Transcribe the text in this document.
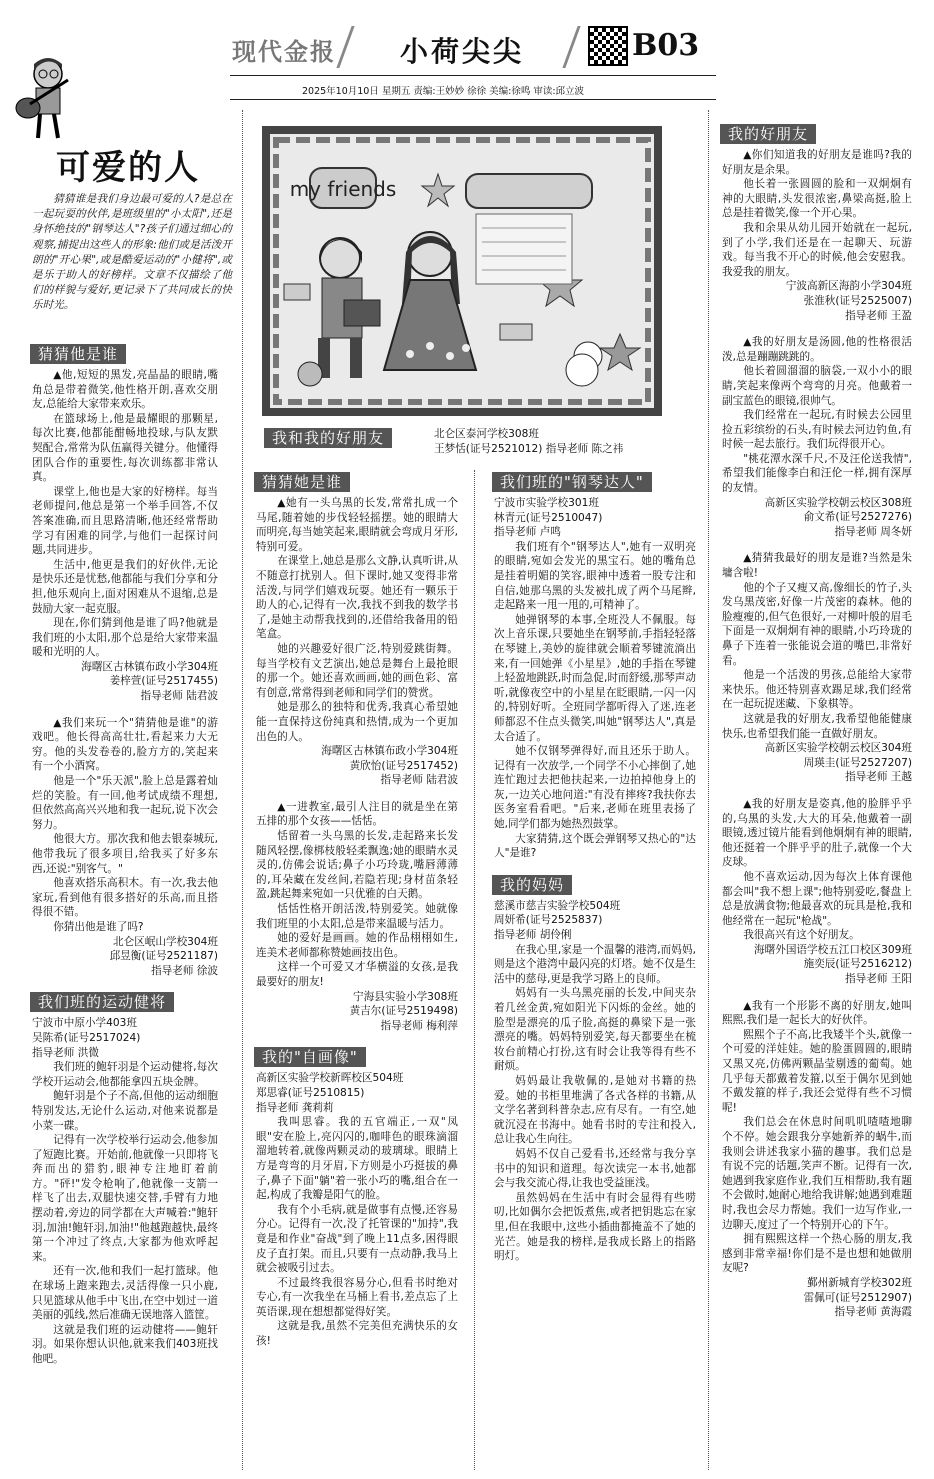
现代金报 小荷尖尖	B03
2025年10月10日 星期五 责编:王妙妙 徐徐 美编:徐鸣 审读:邱立波
可爱的人
猜猜谁是我们身边最可爱的人?是总在一起玩耍的伙伴,是班级里的"小太阳",还是身怀绝技的"钢琴达人"?孩子们通过细心的观察,捕捉出这些人的形象:他们或是活泼开朗的"开心果",或是酷爱运动的"小健将",或是乐于助人的好榜样。文章不仅描绘了他们的样貌与爱好,更记录下了共同成长的快乐时光。
猜猜他是谁

▲他,短短的黑发,亮晶晶的眼睛,嘴角总是带着微笑,他性格开朗,喜欢交朋友,总能给大家带来欢乐。

在篮球场上,他是最耀眼的那颗星,每次比赛,他都能酣畅地投球,与队友默契配合,常常为队伍赢得关键分。他懂得团队合作的重要性,每次训练都非常认真。

课堂上,他也是大家的好榜样。每当老师提问,他总是第一个举手回答,不仅答案准确,而且思路清晰,他还经常帮助学习有困难的同学,与他们一起探讨问题,共同进步。

生活中,他更是我们的好伙伴,无论是快乐还是忧愁,他都能与我们分享和分担,他乐观向上,面对困难从不退缩,总是鼓励大家一起克服。

现在,你们猜到他是谁了吗?他就是我们班的小太阳,那个总是给大家带来温暖和光明的人。

海曙区古林镇布政小学304班

姜梓萱(证号2517455)

指导老师 陆君波

▲我们来玩一个"猜猜他是谁"的游戏吧。他长得高高壮壮,看起来力大无穷。他的头发卷卷的,脸方方的,笑起来有一个小酒窝。

他是一个"乐天派",脸上总是露着灿烂的笑脸。有一回,他考试成绩不理想,但依然高高兴兴地和我一起玩,说下次会努力。

他很大方。那次我和他去银泰城玩,他带我玩了很多项目,给我买了好多东西,还说:"别客气。"

他喜欢搭乐高积木。有一次,我去他家玩,看到他有很多搭好的乐高,而且搭得很不错。

你猜出他是谁了吗?

北仑区岷山学校304班

邱昱衡(证号2521187)

指导老师 徐波

我们班的运动健将

宁波市中原小学403班

吴陈希(证号2517024)

指导老师 洪微

我们班的鲍轩羽是个运动健将,每次学校开运动会,他都能拿四五块金牌。

鲍轩羽是个子不高,但他的运动细胞特别发达,无论什么运动,对他来说都是小菜一碟。

记得有一次学校举行运动会,他参加了短跑比赛。开始前,他就像一只即将飞奔而出的猎豹,眼神专注地盯着前方。"砰!"发令枪响了,他就像一支箭一样飞了出去,双腿快速交替,手臂有力地摆动着,旁边的同学都在大声喊着:"鲍轩羽,加油!鲍轩羽,加油!"他越跑越快,最终第一个冲过了终点,大家都为他欢呼起来。

还有一次,他和我们一起打篮球。他在球场上跑来跑去,灵活得像一只小鹿,只见篮球从他手中飞出,在空中划过一道美丽的弧线,然后准确无误地落入篮筐。

这就是我们班的运动健将——鲍轩羽。如果你想认识他,就来我们403班找他吧。

my friends
我和我的好朋友	北仑区泰河学校308班
王梦恬(证号2521012) 指导老师 陈之祎
猜猜她是谁

▲她有一头乌黑的长发,常常扎成一个马尾,随着她的步伐轻轻摇摆。她的眼睛大而明亮,每当她笑起来,眼睛就会弯成月牙形,特别可爱。

在课堂上,她总是那么文静,认真听讲,从不随意打扰别人。但下课时,她又变得非常活泼,与同学们嬉戏玩耍。她还有一颗乐于助人的心,记得有一次,我找不到我的数学书了,是她主动帮我找到的,还借给我备用的铅笔盒。

她的兴趣爱好很广泛,特别爱跳街舞。每当学校有文艺演出,她总是舞台上最抢眼的那一个。她还喜欢画画,她的画色彩、富有创意,常常得到老师和同学们的赞赏。

她是那么的独特和优秀,我真心希望她能一直保持这份纯真和热情,成为一个更加出色的人。

海曙区古林镇布政小学304班

黄欣怡(证号2517452)

指导老师 陆君波

▲一进教室,最引人注目的就是坐在第五排的那个女孩——恬恬。

恬留着一头乌黑的长发,走起路来长发随风轻摆,像梆枝般轻柔飘逸;她的眼睛水灵灵的,仿佛会说话;鼻子小巧玲珑,嘴唇薄薄的,耳朵藏在发丝间,若隐若现;身材苗条轻盈,跳起舞来宛如一只优雅的白天鹅。

恬恬性格开朗活泼,特别爱笑。她就像我们班里的小太阳,总是带来温暖与活力。

她的爱好是画画。她的作品栩栩如生,连美术老师都称赞她画技出色。

这样一个可爱又才华横溢的女孩,是我最要好的朋友!

宁海县实验小学308班

黄吉尔(证号2519498)

指导老师 梅利萍

我的"自画像"

高新区实验学校新晖校区504班

郑思睿(证号2510815)

指导老师 龚莉莉

我叫思睿。我的五官端正,一双"凤眼"安在脸上,亮闪闪的,咖啡色的眼珠滴溜溜地转着,就像两颗灵动的玻璃球。眼睛上方是弯弯的月牙眉,下方则是小巧挺拔的鼻子,鼻子下面"躺"着一张小巧的嘴,组合在一起,构成了我瓣是阳气的脸。

我有个小毛病,就是做事有点慢,还容易分心。记得有一次,没了托管课的"加持",我竟是和作业"奋战"到了晚上11点多,困得眼皮子直打架。而且,只要有一点动静,我马上就会被吸引过去。

不过最终我很容易分心,但看书时绝对专心,有一次我坐在马桶上看书,差点忘了上英语课,现在想想都觉得好笑。

这就是我,虽然不完美但充满快乐的女孩!

我们班的"钢琴达人"

宁波市实验学校301班

林青元(证号2510047)

指导老师 卢鸣

我们班有个"钢琴达人",她有一双明亮的眼睛,宛如会发光的黑宝石。她的嘴角总是挂着明媚的笑容,眼神中透着一股专注和自信,她那乌黑的头发被扎成了两个马尾辫,走起路来一甩一甩的,可精神了。

她弹钢琴的本事,全班没人不佩服。每次上音乐课,只要她坐在钢琴前,手指轻轻落在琴键上,美妙的旋律就会顺着琴键流淌出来,有一回她弹《小星星》,她的手指在琴键上轻盈地跳跃,时而急促,时而舒缓,那琴声动听,就像夜空中的小星星在眨眼睛,一闪一闪的,特别好听。全班同学都听得入了迷,连老师都忍不住点头微笑,叫她"钢琴达人",真是太合适了。

她不仅钢琴弹得好,而且还乐于助人。记得有一次放学,一个同学不小心摔倒了,她连忙跑过去把他扶起来,一边拍掉他身上的灰,一边关心地问道:"有没有摔疼?我扶你去医务室看看吧。"后来,老师在班里表扬了她,同学们都为她热烈鼓掌。

大家猜猜,这个既会弹钢琴又热心的"达人"是谁?

我的妈妈

慈溪市慈吉实验学校504班

周妍希(证号2525837)

指导老师 胡伶俐

在我心里,家是一个温馨的港湾,而妈妈,则是这个港湾中最闪亮的灯塔。她不仅是生活中的慈母,更是我学习路上的良师。

妈妈有一头乌黑亮丽的长发,中间夹杂着几丝金黄,宛如阳光下闪烁的金丝。她的脸型是漂亮的瓜子脸,高挺的鼻梁下是一张漂亮的嘴。妈妈特别爱笑,每天都要坐在梳妆台前精心打扮,这有时会让我等得有些不耐烦。

妈妈最让我敬佩的,是她对书籍的热爱。她的书柜里堆满了各式各样的书籍,从文学名著到科普杂志,应有尽有。一有空,她就沉浸在书海中。她看书时的专注和投入,总让我心生向往。

妈妈不仅自己爱看书,还经常与我分享书中的知识和道理。每次读完一本书,她都会与我交流心得,让我也受益匪浅。

虽然妈妈在生活中有时会显得有些唠叨,比如偶尔会把饭煮焦,或者把钥匙忘在家里,但在我眼中,这些小插曲都掩盖不了她的光芒。她是我的榜样,是我成长路上的指路明灯。

我的好朋友

▲你们知道我的好朋友是谁吗?我的好朋友是余果。

他长着一张圆圆的脸和一双炯炯有神的大眼睛,头发很浓密,鼻梁高挺,脸上总是挂着微笑,像一个开心果。

我和余果从幼儿园开始就在一起玩,到了小学,我们还是在一起聊天、玩游戏。每当我不开心的时候,他会安慰我。我爱我的朋友。

宁波高新区海韵小学304班

张淮秋(证号2525007)

指导老师 王盈

▲我的好朋友是汤圆,他的性格很活泼,总是蹦蹦跳跳的。

他长着圆溜溜的脑袋,一双小小的眼睛,笑起来像两个弯弯的月亮。他戴着一副宝蓝色的眼镜,很帅气。

我们经常在一起玩,有时候去公园里捡五彩缤纷的石头,有时候去河边钓鱼,有时候一起去旅行。我们玩得很开心。

"桃花潭水深千尺,不及汪伦送我情",希望我们能像李白和汪伦一样,拥有深厚的友情。

高新区实验学校朝云校区308班

俞文希(证号2527276)

指导老师 周冬妍

▲猜猜我最好的朋友是谁?当然是朱墉含啦!

他的个子又瘦又高,像细长的竹子,头发乌黑茂密,好像一片茂密的森林。他的脸瘦瘦的,但气色很好,一对柳叶般的眉毛下面是一双炯炯有神的眼睛,小巧玲珑的鼻子下连着一张能说会道的嘴巴,非常好看。

他是一个活泼的男孩,总能给大家带来快乐。他还特别喜欢踢足球,我们经常在一起玩捉迷藏、下象棋等。

这就是我的好朋友,我希望他能健康快乐,也希望我们能一直做好朋友。

高新区实验学校朝云校区304班

周瑛圭(证号2527207)

指导老师 王越

▲我的好朋友是姿真,他的脸胖乎乎的,乌黑的头发,大大的耳朵,他戴着一副眼镜,透过镜片能看到他炯炯有神的眼睛,他还挺着一个胖乎乎的肚子,就像一个大皮球。

他不喜欢运动,因为每次上体育课他都会叫"我不想上课";他特别爱吃,餐盘上总是放满食物;他最喜欢的玩具是枪,我和他经常在一起玩"枪战"。

我很高兴有这个好朋友。

海曙外国语学校五江口校区309班

施奕辰(证号2516212)

指导老师 王阳

▲我有一个形影不离的好朋友,她叫熙熙,我们是一起长大的好伙伴。

熙熙个子不高,比我矮半个头,就像一个可爱的洋娃娃。她的脸蛋圆圆的,眼睛又黑又亮,仿佛两颗晶莹剔透的葡萄。她几乎每天都戴着发箍,以至于偶尔见到她不戴发箍的样子,我还会觉得有些不习惯呢!

我们总会在休息时间叽叽喳喳地聊个不停。她会跟我分享她新养的蜗牛,而我则会讲述我家小猫的趣事。我们总是有说不完的话题,笑声不断。记得有一次,她遇到我家庭作业,我们互相帮助,我有题不会做时,她耐心地给我讲解;她遇到难题时,我也会尽力帮她。我们一边写作业,一边聊天,度过了一个特别开心的下午。

拥有熙熙这样一个热心肠的朋友,我感到非常幸福!你们是不是也想和她做朋友呢?

鄞州新城育学校302班

雷佩可(证号2512907)

指导老师 黄海霞
